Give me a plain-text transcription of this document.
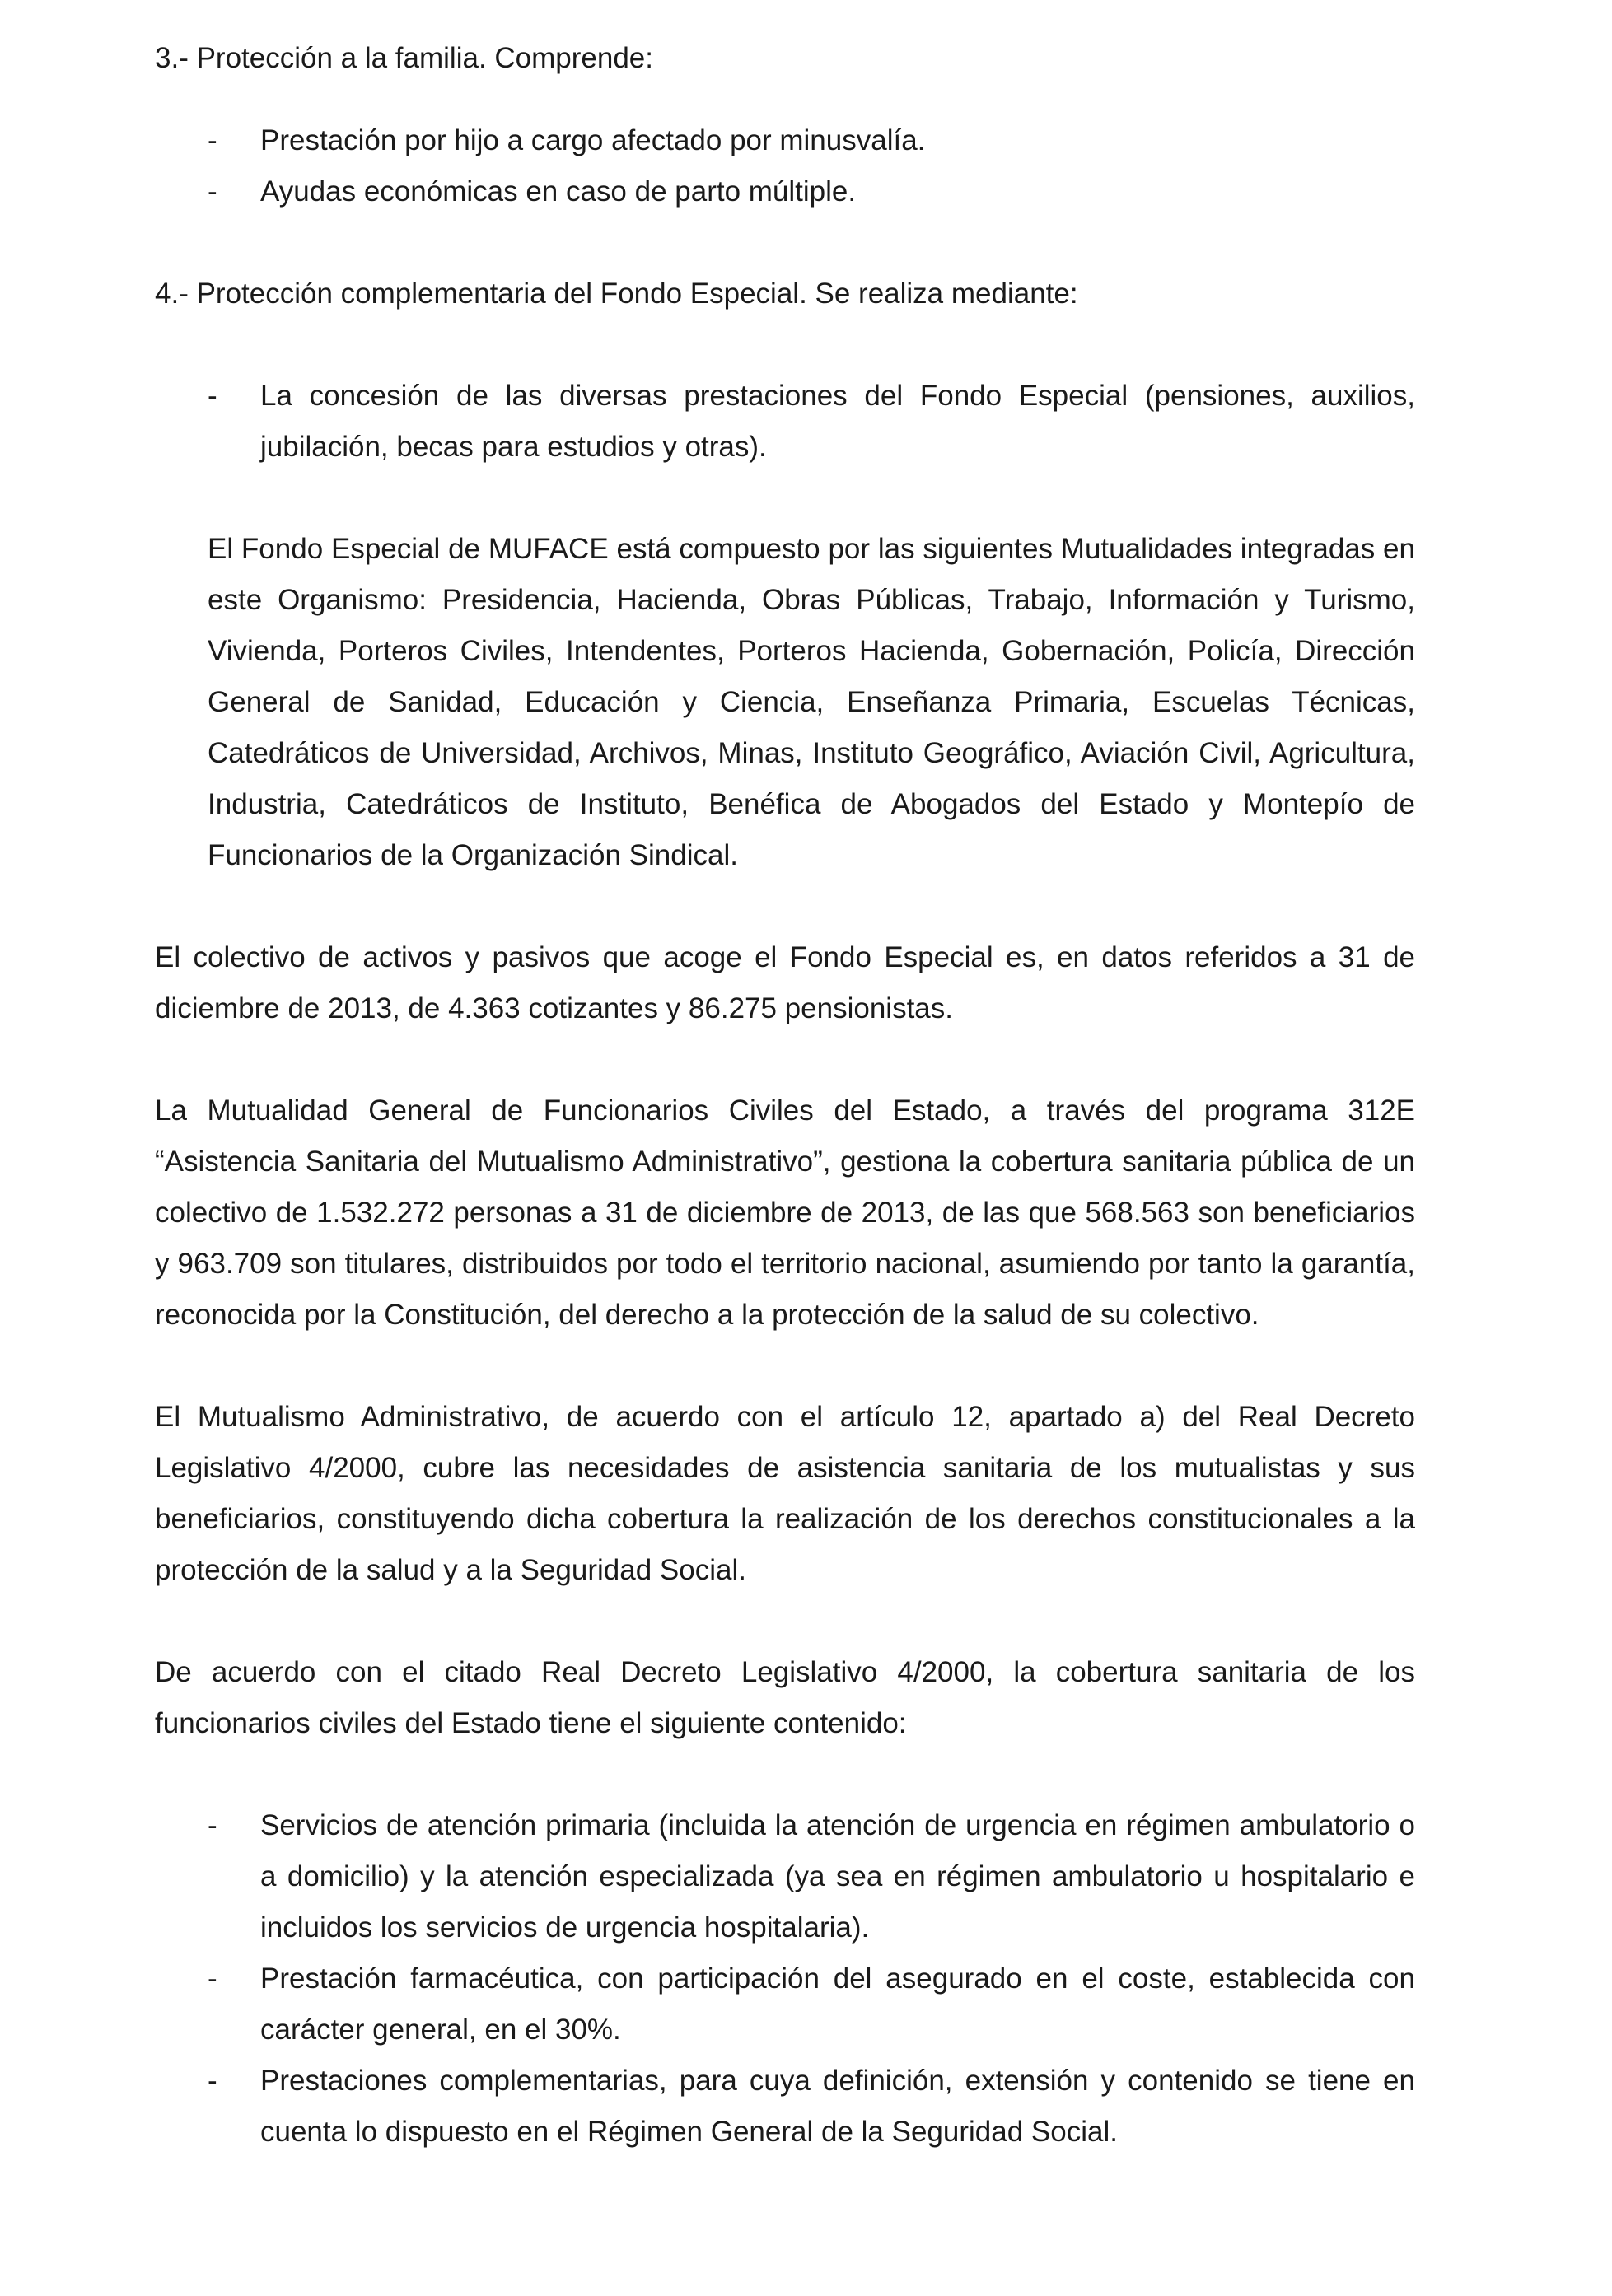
3.- Protección a la familia. Comprende:

- Prestación por hijo a cargo afectado por minusvalía.
- Ayudas económicas en caso de parto múltiple.

4.- Protección complementaria del Fondo Especial. Se realiza mediante:

- La concesión de las diversas prestaciones del Fondo Especial (pensiones, auxilios, jubilación, becas para estudios y otras).

El Fondo Especial de MUFACE está compuesto por las siguientes Mutualidades integradas en este Organismo: Presidencia, Hacienda, Obras Públicas, Trabajo, Información y Turismo, Vivienda, Porteros Civiles, Intendentes, Porteros Hacienda, Gobernación, Policía, Dirección General de Sanidad, Educación y Ciencia, Enseñanza Primaria, Escuelas Técnicas, Catedráticos de Universidad, Archivos, Minas, Instituto Geográfico, Aviación Civil, Agricultura, Industria, Catedráticos de Instituto, Benéfica de Abogados del Estado y Montepío de Funcionarios de la Organización Sindical.

El colectivo de activos y pasivos que acoge el Fondo Especial es, en datos referidos a 31 de diciembre de 2013, de 4.363 cotizantes y 86.275 pensionistas.

La Mutualidad General de Funcionarios Civiles del Estado, a través del programa 312E “Asistencia Sanitaria del Mutualismo Administrativo”, gestiona la cobertura sanitaria pública de un colectivo de 1.532.272 personas a 31 de diciembre de 2013, de las que 568.563 son beneficiarios y 963.709 son titulares, distribuidos por todo el territorio nacional, asumiendo por tanto la garantía, reconocida por la Constitución, del derecho a la protección de la salud de su colectivo.

El Mutualismo Administrativo, de acuerdo con el artículo 12, apartado a) del Real Decreto Legislativo 4/2000, cubre las necesidades de asistencia sanitaria de los mutualistas y sus beneficiarios, constituyendo dicha cobertura la realización de los derechos constitucionales a la protección de la salud y a la Seguridad Social.

De acuerdo con el citado Real Decreto Legislativo 4/2000, la cobertura sanitaria de los funcionarios civiles del Estado tiene el siguiente contenido:

- Servicios de atención primaria (incluida la atención de urgencia en régimen ambulatorio o a domicilio) y la atención especializada (ya sea en régimen ambulatorio u hospitalario e incluidos los servicios de urgencia hospitalaria).
- Prestación farmacéutica, con participación del asegurado en el coste, establecida con carácter general, en el 30%.
- Prestaciones complementarias, para cuya definición, extensión y contenido se tiene en cuenta lo dispuesto en el Régimen General de la Seguridad Social.
